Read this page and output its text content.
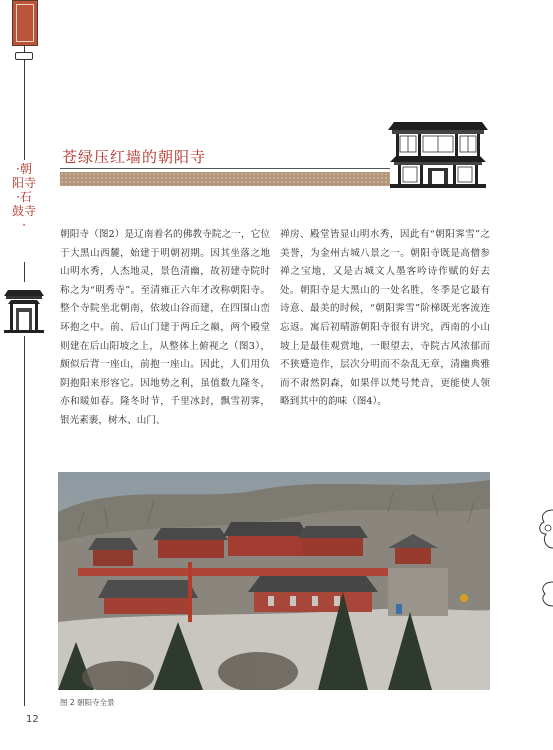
·朝阳寺·石鼓寺·
12
苍绿压红墙的朝阳寺
朝阳寺（图2）是辽南着名的佛教寺院之一，它位于大黑山西麓，始建于明朝初期。因其坐落之地山明水秀，人杰地灵，景色清幽，故初建寺院时称之为“明秀寺”。至清雍正六年才改称朝阳寺。整个寺院坐北朝南，依坡山谷而建，在四围山峦环抱之中。前、后山门建于两丘之巅，两个殿堂则建在后山阳坡之上，从整体上俯视之（图3），颇似后背一座山，前抱一座山。因此，人们用负阴抱阳来形容它。因地势之利，虽值数九隆冬，亦和暖如春。隆冬时节，千里冰封，飘雪初霁，银光素裹，树木、山门、
禅房、殿堂皆显山明水秀，因此有“朝阳霁雪”之美誉，为金州古城八景之一。朝阳寺既是高僧参禅之宝地，又是古城文人墨客吟诗作赋的好去处。朝阳寺是大黑山的一处名胜，冬季是它最有诗意、最美的时候，“朝阳霁雪”阶梯既光客流连忘返。寓后初晴游朝阳寺很有讲究，西南的小山坡上是最佳观赏地，一眼望去，寺院古风浓郁而不狭蹙造作，层次分明而不杂乱无章，清幽典雅而不肃然阴森，如果伴以梵号梵音，更能使人领略到其中的韵味（图4）。
图 2 朝阳寺全景
